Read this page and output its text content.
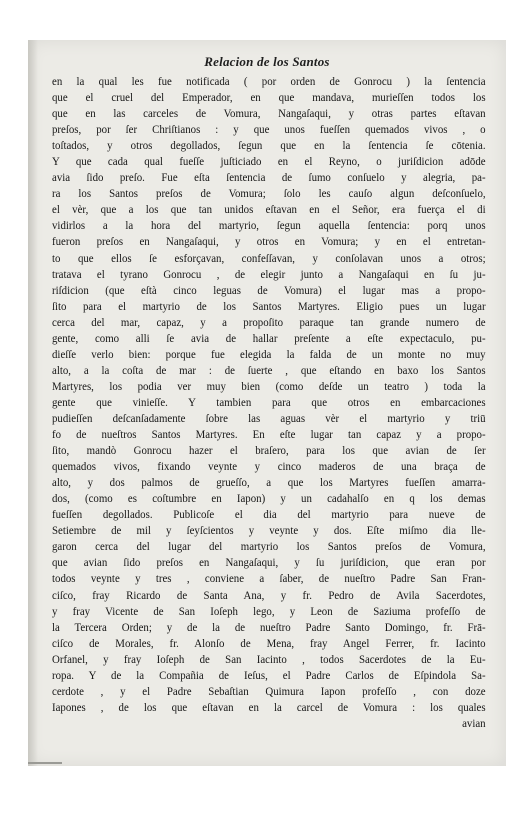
Relacion de los Santos
en la qual les fue notificada ( por orden de Gonrocu ) la ſentencia
que el cruel del Emperador, en que mandava, murieſſen todos los
que en las carceles de Vomura, Nangaſaqui, y otras partes eſtavan
preſos, por ſer Chriſtianos : y que unos fueſſen quemados vivos , o
toſtados, y otros degollados, ſegun que en la ſentencia ſe cōtenia.
Y que cada qual fueſſe juſticiado en el Reyno, o juriſdicion adōde
avia ſido preſo. Fue eſta ſentencia de ſumo conſuelo y alegria, pa-
ra los Santos preſos de Vomura; ſolo les cauſo algun deſconſuelo,
el vèr, que a los que tan unidos eſtavan en el Señor, era fuerça el di
vidirlos a la hora del martyrio, ſegun aquella ſentencia: porq unos
fueron preſos en Nangaſaqui, y otros en Vomura; y en el entretan-
to que ellos ſe esforçavan, confeſſavan, y conſolavan unos a otros;
tratava el tyrano Gonrocu , de elegir junto a Nangaſaqui en ſu ju-
riſdicion (que eſtà cinco leguas de Vomura) el lugar mas a propo-
ſito para el martyrio de los Santos Martyres. Eligio pues un lugar
cerca del mar, capaz, y a propoſito paraque tan grande numero de
gente, como alli ſe avia de hallar preſente a eſte expectaculo, pu-
dieſſe verlo bien: porque fue elegida la falda de un monte no muy
alto, a la coſta de mar : de ſuerte , que eſtando en baxo los Santos
Martyres, los podia ver muy bien (como deſde un teatro ) toda la
gente que vinieſſe. Y tambien para que otros en embarcaciones
pudieſſen deſcanſadamente ſobre las aguas vèr el martyrio y triū
fo de nueſtros Santos Martyres. En eſte lugar tan capaz y a propo-
ſito, mandò Gonrocu hazer el braſero, para los que avian de ſer
quemados vivos, fixando veynte y cinco maderos de una braça de
alto, y dos palmos de grueſſo, a que los Martyres fueſſen amarra-
dos, (como es coſtumbre en Iapon) y un cadahalſo en q los demas
fueſſen degollados. Publicoſe el dia del martyrio para nueve de
Setiembre de mil y ſeyſcientos y veynte y dos. Eſte miſmo dia lle-
garon cerca del lugar del martyrio los Santos preſos de Vomura,
que avian ſido preſos en Nangaſaqui, y ſu juriſdicion, que eran por
todos veynte y tres , conviene a ſaber, de nueſtro Padre San Fran-
ciſco, fray Ricardo de Santa Ana, y fr. Pedro de Avila Sacerdotes,
y fray Vicente de San Ioſeph lego, y Leon de Saziuma profeſſo de
la Tercera Orden; y de la de nueſtro Padre Santo Domingo, fr. Frā-
ciſco de Morales, fr. Alonſo de Mena, fray Angel Ferrer, fr. Iacinto
Orfanel, y fray Ioſeph de San Iacinto , todos Sacerdotes de la Eu-
ropa. Y de la Compañia de Ieſus, el Padre Carlos de Eſpindola Sa-
cerdote , y el Padre Sebaſtian Quimura Iapon profeſſo , con doze
Iapones , de los que eſtavan en la carcel de Vomura : los quales
avian
